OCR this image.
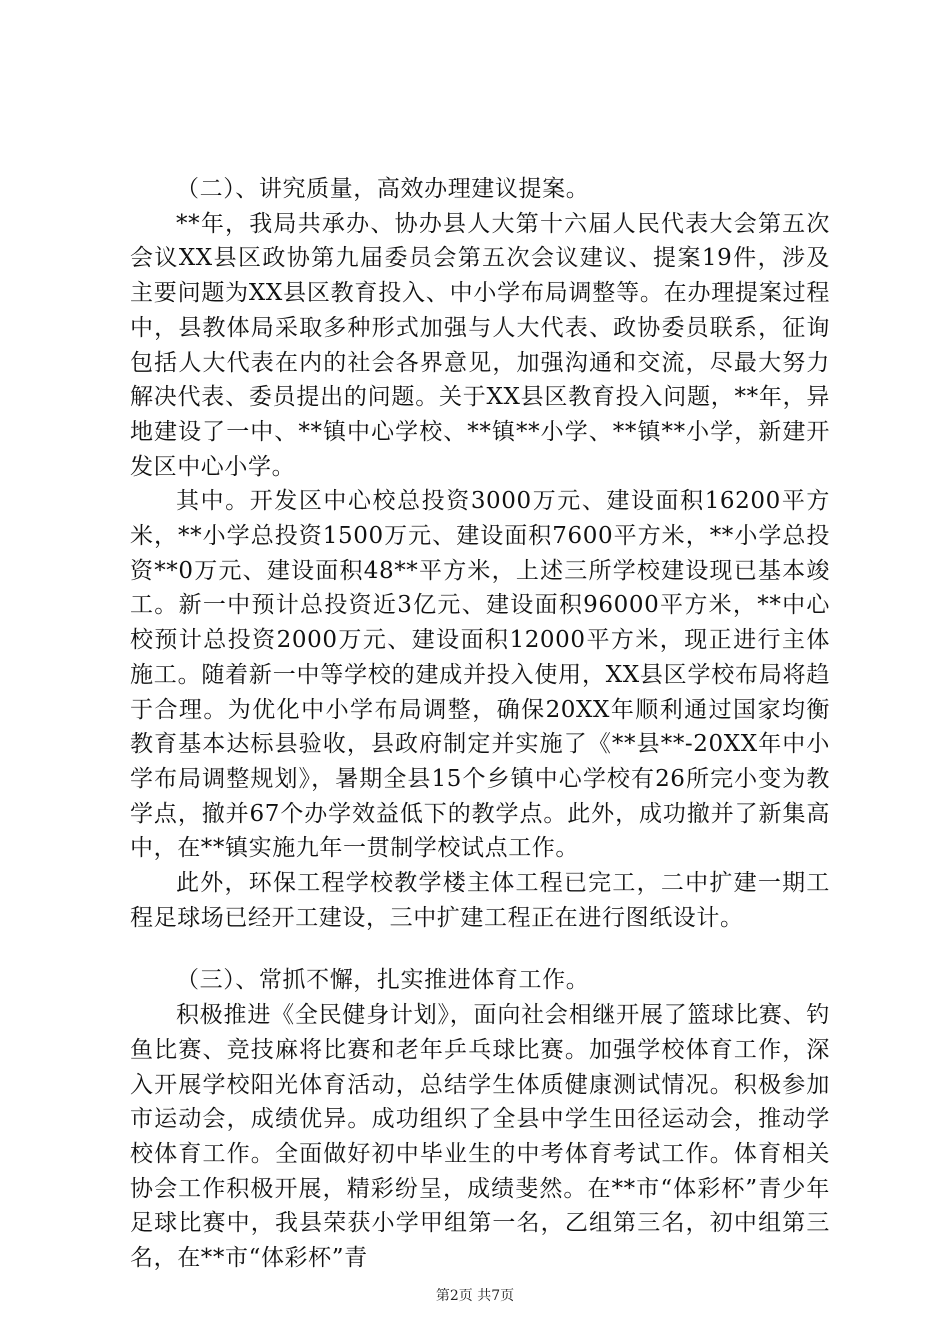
（二）、讲究质量，高效办理建议提案。

**年，我局共承办、协办县人大第十六届人民代表大会第五次会议XX县区政协第九届委员会第五次会议建议、提案19件，涉及主要问题为XX县区教育投入、中小学布局调整等。在办理提案过程中，县教体局采取多种形式加强与人大代表、政协委员联系，征询包括人大代表在内的社会各界意见，加强沟通和交流，尽最大努力解决代表、委员提出的问题。关于XX县区教育投入问题，**年，异地建设了一中、**镇中心学校、**镇**小学、**镇**小学，新建开发区中心小学。

其中。开发区中心校总投资3000万元、建设面积16200平方米，**小学总投资1500万元、建设面积7600平方米，**小学总投资**0万元、建设面积48**平方米，上述三所学校建设现已基本竣工。新一中预计总投资近3亿元、建设面积96000平方米，**中心校预计总投资2000万元、建设面积12000平方米，现正进行主体施工。随着新一中等学校的建成并投入使用，XX县区学校布局将趋于合理。为优化中小学布局调整，确保20XX年顺利通过国家均衡教育基本达标县验收，县政府制定并实施了《**县**-20XX年中小学布局调整规划》，暑期全县15个乡镇中心学校有26所完小变为教学点，撤并67个办学效益低下的教学点。此外，成功撤并了新集高中，在**镇实施九年一贯制学校试点工作。

此外，环保工程学校教学楼主体工程已完工，二中扩建一期工程足球场已经开工建设，三中扩建工程正在进行图纸设计。

（三）、常抓不懈，扎实推进体育工作。

积极推进《全民健身计划》，面向社会相继开展了篮球比赛、钓鱼比赛、竞技麻将比赛和老年乒乓球比赛。加强学校体育工作，深入开展学校阳光体育活动，总结学生体质健康测试情况。积极参加市运动会，成绩优异。成功组织了全县中学生田径运动会，推动学校体育工作。全面做好初中毕业生的中考体育考试工作。体育相关协会工作积极开展，精彩纷呈，成绩斐然。在**市“体彩杯”青少年足球比赛中，我县荣获小学甲组第一名，乙组第三名，初中组第三名，在**市“体彩杯”青

第2页 共7页
